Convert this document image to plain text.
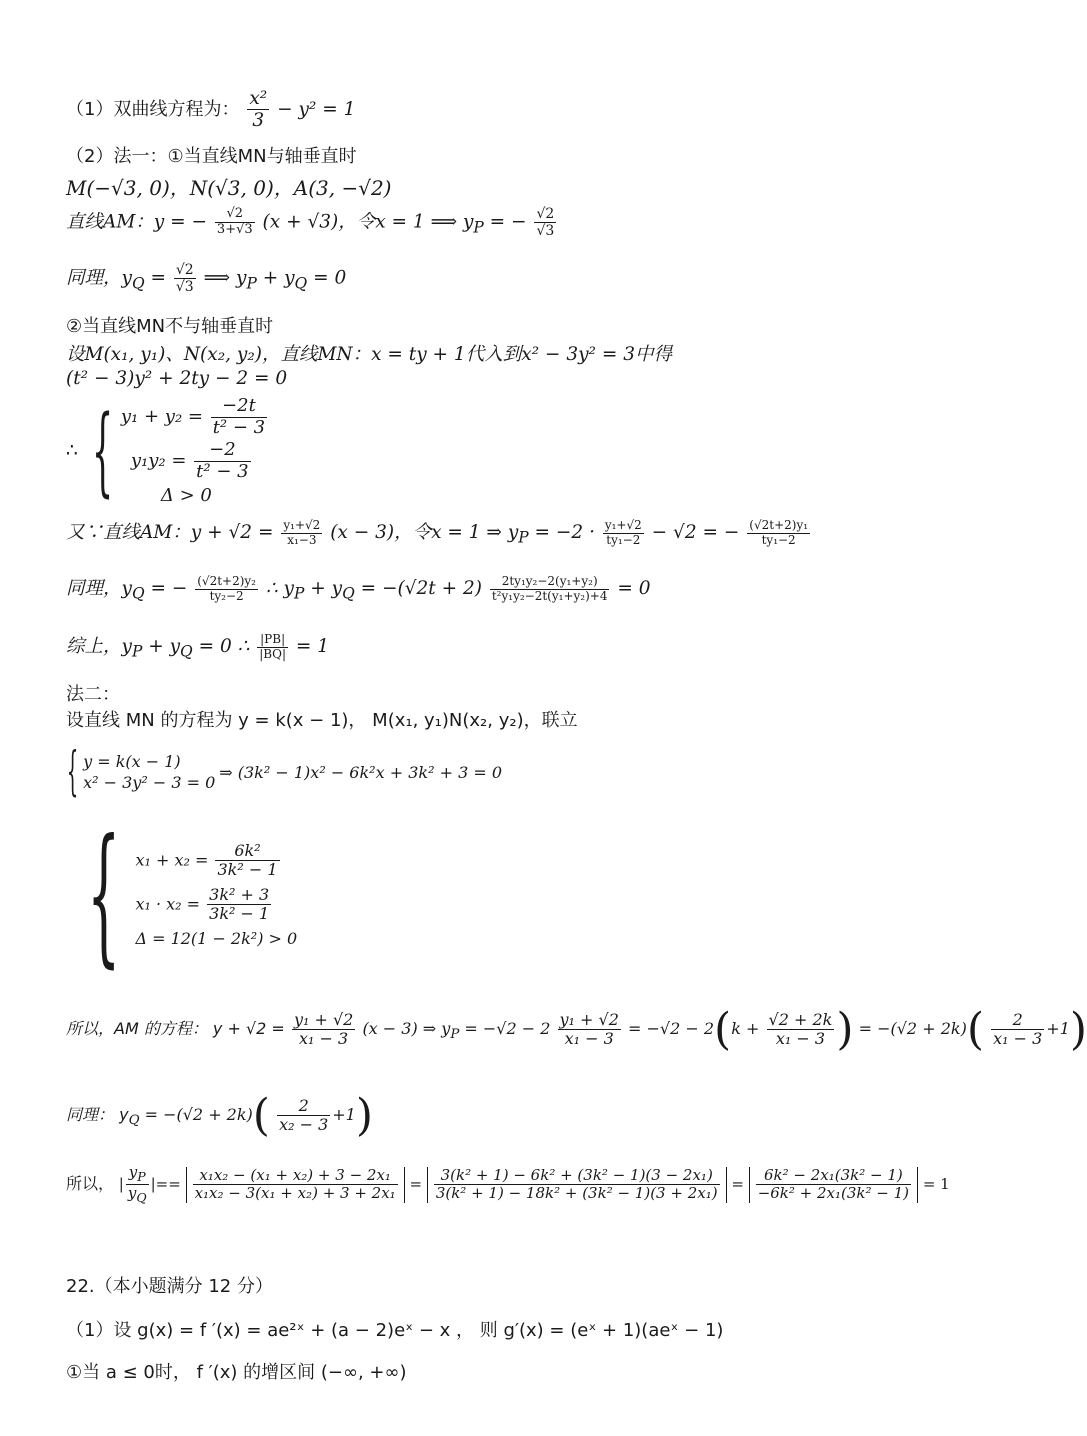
（1）双曲线方程为： $\frac{\text{x²}}{3} - y^2 = 1$
（2）法一：①当直线MN与轴垂直时
M(−√3, 0)，N(√3, 0)，A(3, −√2)
直线AM：y = − $\frac{√2}{3+√3} (x + √3)$，令x = 1 ⟹ $y_P$ = − $\frac{√2}{√3}$
同理，$y_Q = \frac{√2}{√3}$ ⟹ $y_P + y_Q = 0$
②当直线MN不与轴垂直时
设M(x₁, y₁)、N(x₂, y₂)，直线MN：x = ty + 1代入到x² − 3y² = 3中得
(t² − 3)y² + 2ty − 2 = 0
∴ { $y_1 + y_2 = \frac{-2t}{\text{t² − 3}}$
$y_1y_2 = \frac{-2}{\text{t² − 3}}$
Δ > 0
又∵直线AM：$y + √2 = \frac{\text{y₁+√2}}{\text{x₁−3}} (x - 3)$，令x = 1 ⇒ $y_P = -2 \cdot \frac{\text{y₁+√2}}{\text{ty₁−2}} - √2$ = − $\frac{\text{(√2t+2)y₁}}{\text{ty₁−2}}$
同理，$y_Q$ = − $\frac{\text{(√2t+2)y₂}}{\text{ty₂−2}}$ ∴ $y_P + y_Q = -(√2t + 2) \frac{\text{2ty₁y₂−2(y₁+y₂)}}{\text{t²y₁y₂−2t(y₁+y₂)+4}} = 0$
综上，$y_P + y_Q = 0$ ∴ $\frac{|PB|}{|BQ|} = 1$
法二：
设直线 MN 的方程为 y = k(x − 1)， M(x₁, y₁)N(x₂, y₂)，联立
{ y = k(x − 1)
x² − 3y² − 3 = 0
⇒ (3k² − 1)x² − 6k²x + 3k² + 3 = 0
{ $x_1 + x_2 = \frac{\text{6k²}}{\text{3k² − 1}}$
$x_1 \cdot x_2 = \frac{\text{3k² + 3}}{\text{3k² − 1}}$
Δ = 12(1 − 2k²) > 0
所以，AM 的方程： $y + √2 = \frac{\text{y₁ + √2}}{\text{x₁ − 3}} (x - 3)$ ⇒ $y_P = -√2 - 2 \frac{\text{y₁ + √2}}{\text{x₁ − 3}} = -√2 - 2(k + \frac{√2 + 2k}{\text{x₁ − 3}}$ ) = $-(√2 + 2k)( \frac{2}{\text{x₁ − 3}} +1)$
同理： $y_Q = -(√2 + 2k)( \frac{2}{\text{x₂ − 3}} +1)$
所以， | $\frac{y_P}{y_Q}$ |== $\frac{\text{x₁x₂ − (x₁ + x₂) + 3 − 2x₁}}{\text{x₁x₂ − 3(x₁ + x₂) + 3 + 2x₁}} = \frac{\text{3(k² + 1) − 6k² + (3k² − 1)(3 − 2x₁)}}{\text{3(k² + 1) − 18k² + (3k² − 1)(3 + 2x₁)}} = \frac{\text{6k² − 2x₁(3k² − 1)}}{\text{−6k² + 2x₁(3k² − 1)}} = 1$
22.（本小题满分 12 分）
（1）设 g(x) = f ′(x) = ae²ˣ + (a − 2)eˣ − x ， 则 g′(x) = (eˣ + 1)(aeˣ − 1)
①当 a ≤ 0时， f ′(x) 的增区间 (−∞, +∞)
